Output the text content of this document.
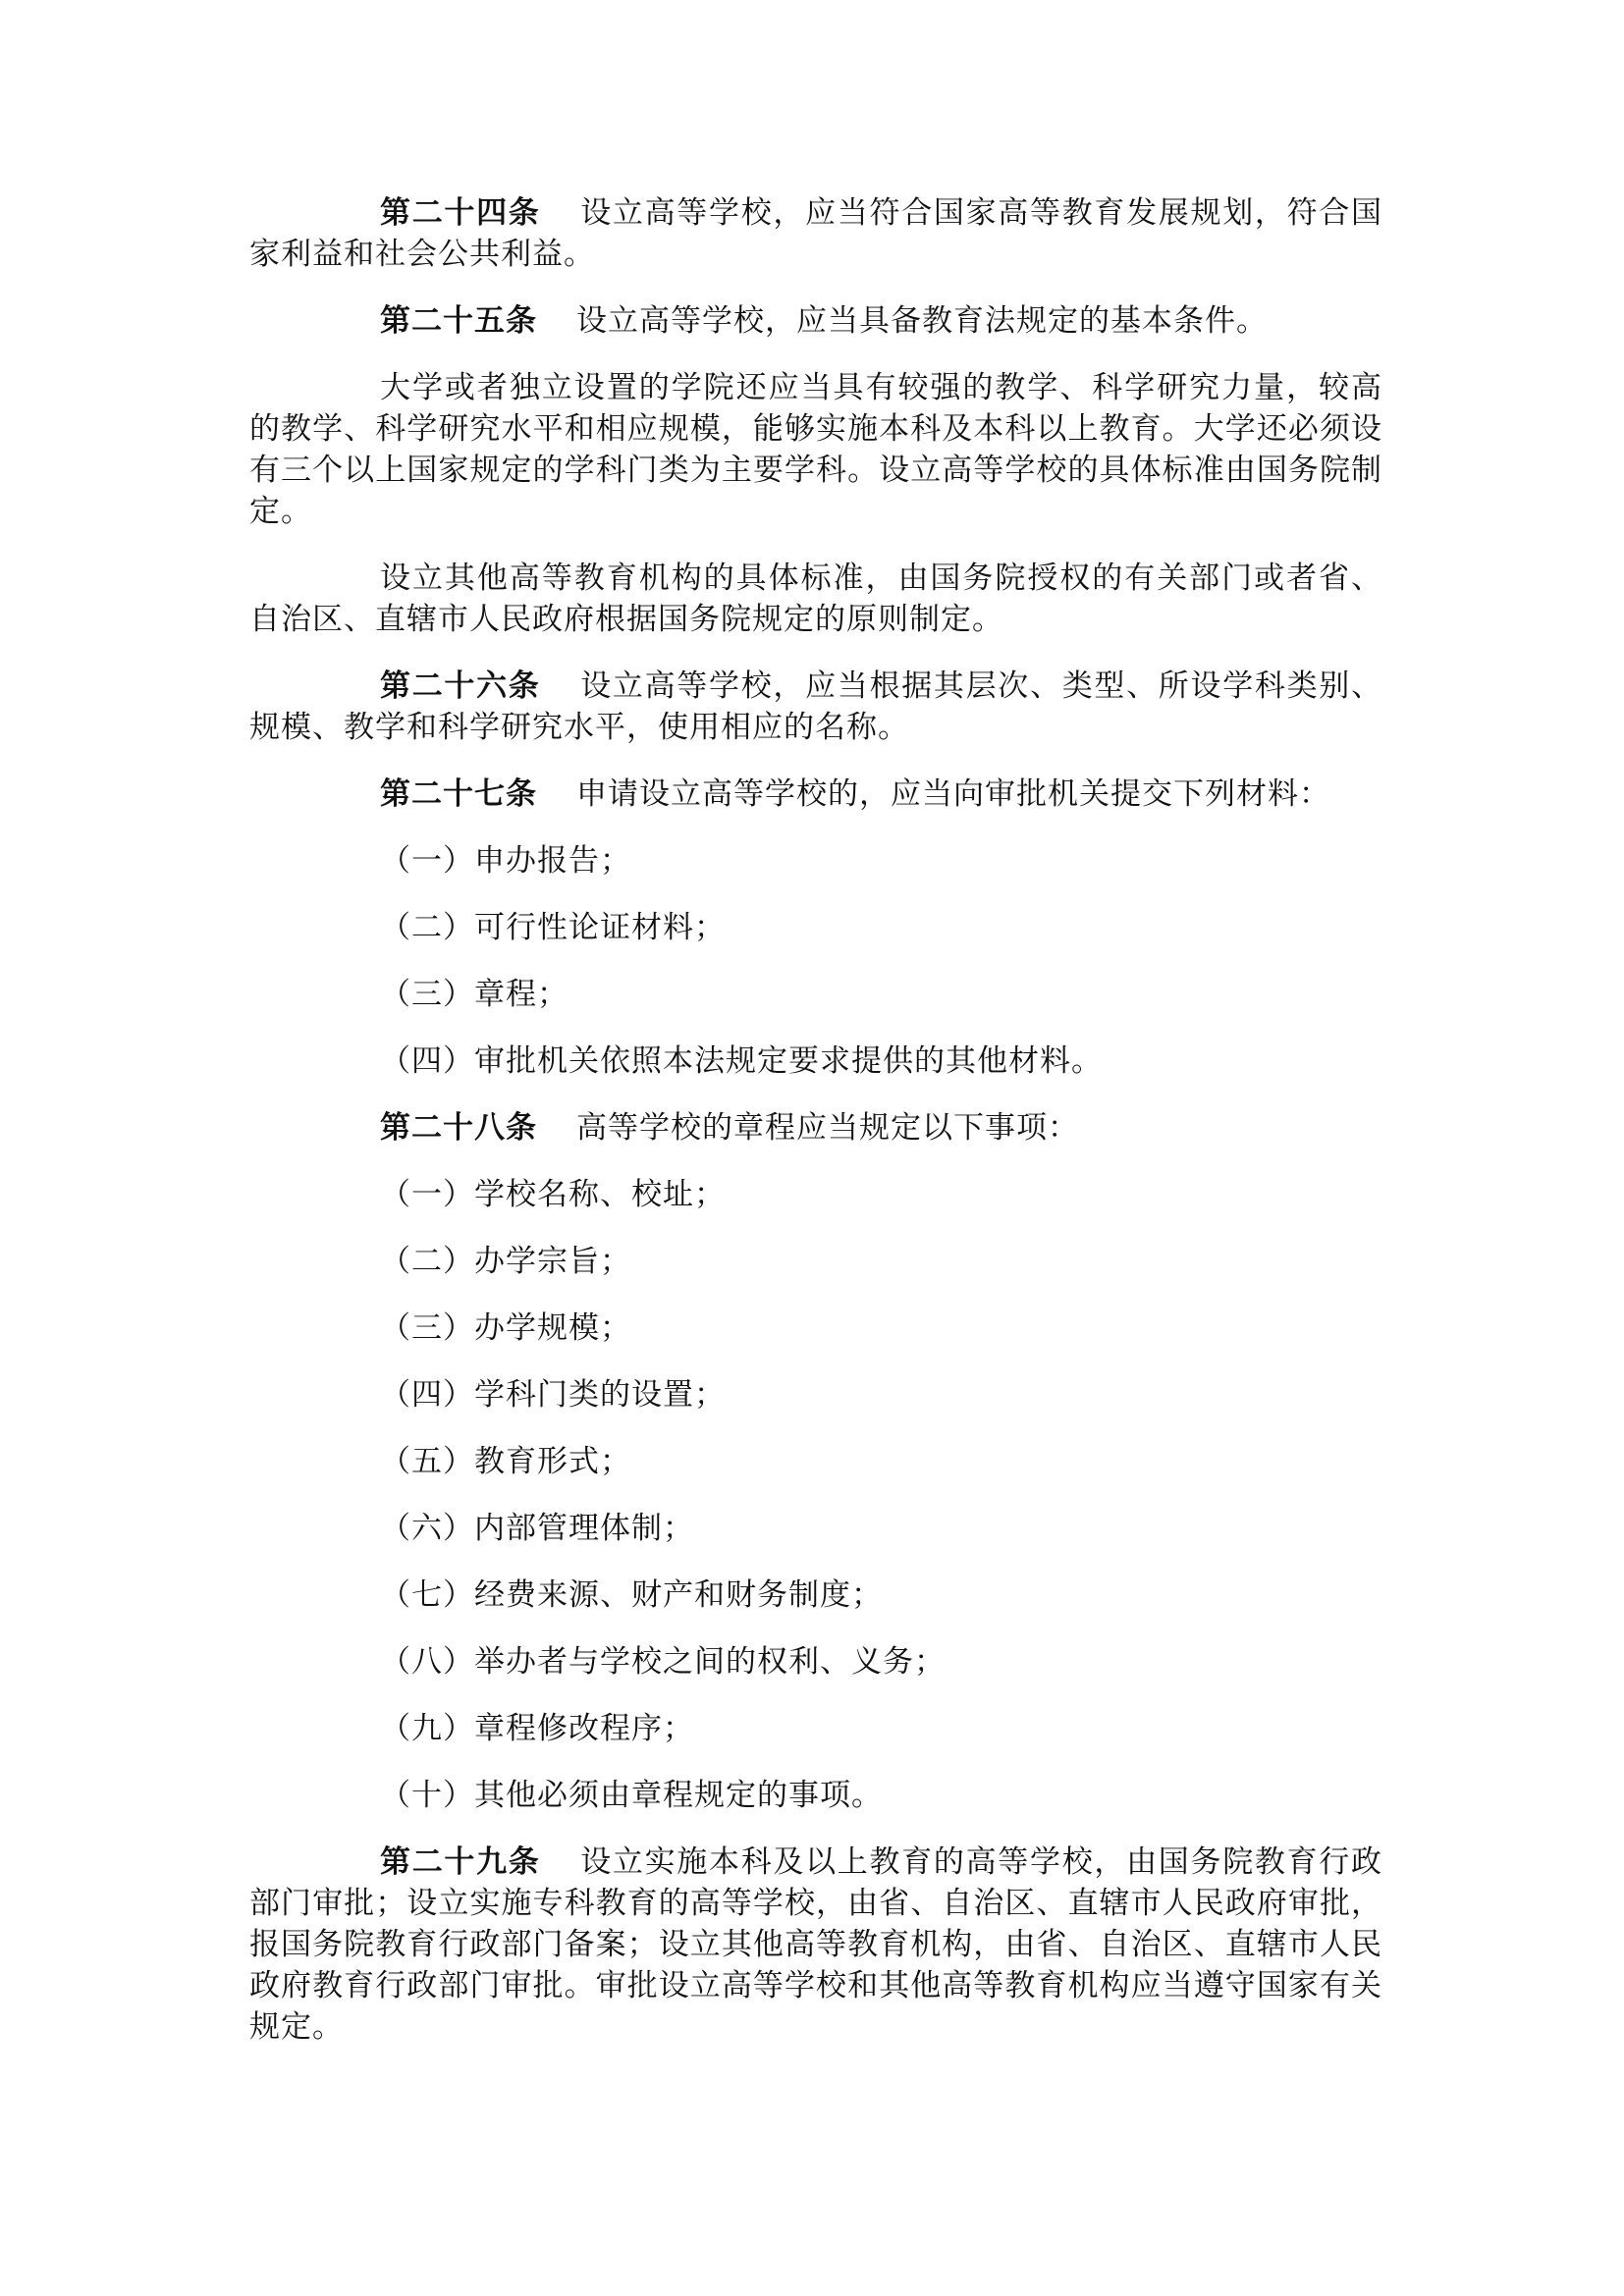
第二十四条 设立高等学校，应当符合国家高等教育发展规划，符合国家利益和社会公共利益。

第二十五条 设立高等学校，应当具备教育法规定的基本条件。

大学或者独立设置的学院还应当具有较强的教学、科学研究力量，较高的教学、科学研究水平和相应规模，能够实施本科及本科以上教育。大学还必须设有三个以上国家规定的学科门类为主要学科。设立高等学校的具体标准由国务院制定。

设立其他高等教育机构的具体标准，由国务院授权的有关部门或者省、自治区、直辖市人民政府根据国务院规定的原则制定。

第二十六条 设立高等学校，应当根据其层次、类型、所设学科类别、规模、教学和科学研究水平，使用相应的名称。

第二十七条 申请设立高等学校的，应当向审批机关提交下列材料：

（一）申办报告；
（二）可行性论证材料；
（三）章程；
（四）审批机关依照本法规定要求提供的其他材料。

第二十八条 高等学校的章程应当规定以下事项：

（一）学校名称、校址；
（二）办学宗旨；
（三）办学规模；
（四）学科门类的设置；
（五）教育形式；
（六）内部管理体制；
（七）经费来源、财产和财务制度；
（八）举办者与学校之间的权利、义务；
（九）章程修改程序；
（十）其他必须由章程规定的事项。

第二十九条 设立实施本科及以上教育的高等学校，由国务院教育行政部门审批；设立实施专科教育的高等学校，由省、自治区、直辖市人民政府审批，报国务院教育行政部门备案；设立其他高等教育机构，由省、自治区、直辖市人民政府教育行政部门审批。审批设立高等学校和其他高等教育机构应当遵守国家有关规定。
